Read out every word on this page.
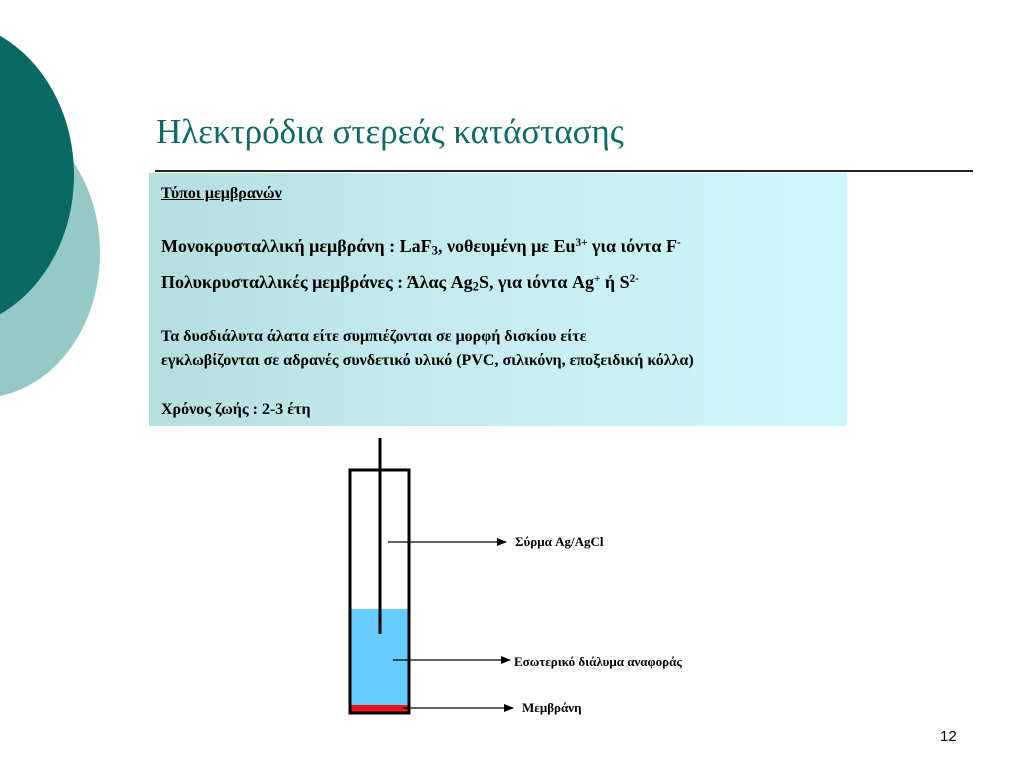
Ηλεκτρόδια στερεάς κατάστασης
Τύποι μεμβρανών
Μονοκρυσταλλική μεμβράνη : LaF$_3$, νοθευμένη με $Eu^{3+}$ για ιόντα F-
Πολυκρυσταλλικές μεμβράνες : Άλας $Ag_2S$, για ιόντα Ag+ ή $S^{2-}$
Τα δυσδιάλυτα άλατα είτε συμπιέζονται σε μορφή δισκίου είτε
εγκλωβίζονται σε αδρανές συνδετικό υλικό (PVC, σιλικόνη, εποξειδική κόλλα)
Χρόνος ζωής : 2-3 έτη
Σύρμα Ag/AgCl
Εσωτερικό διάλυμα αναφοράς
Μεμβράνη
12
